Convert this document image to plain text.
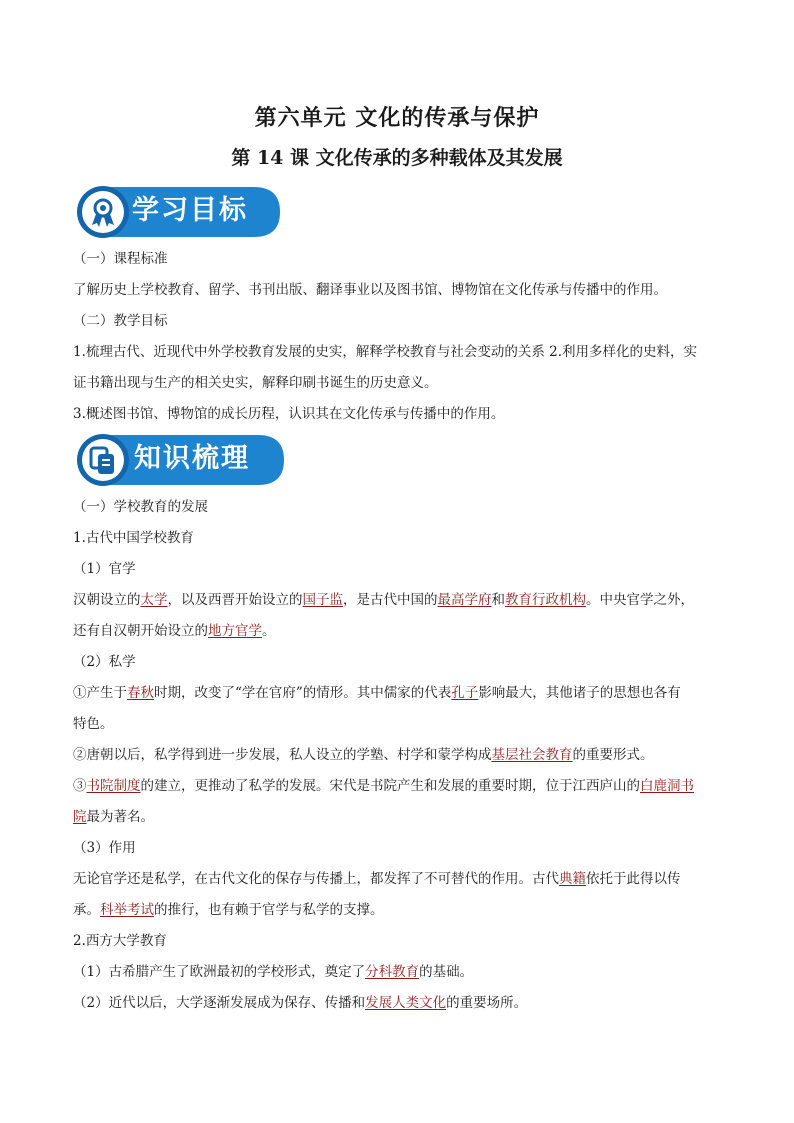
第六单元 文化的传承与保护
第 14 课 文化传承的多种载体及其发展
学习目标
（一）课程标准
了解历史上学校教育、留学、书刊出版、翻译事业以及图书馆、博物馆在文化传承与传播中的作用。
（二）教学目标
1.梳理古代、近现代中外学校教育发展的史实，解释学校教育与社会变动的关系 2.利用多样化的史料，实
证书籍出现与生产的相关史实，解释印刷书诞生的历史意义。
3.概述图书馆、博物馆的成长历程，认识其在文化传承与传播中的作用。
知识梳理
（一）学校教育的发展
1.古代中国学校教育
（1）官学
汉朝设立的太学，以及西晋开始设立的国子监，是古代中国的最高学府和教育行政机构。中央官学之外，
还有自汉朝开始设立的地方官学。
（2）私学
①产生于春秋时期，改变了“学在官府”的情形。其中儒家的代表孔子影响最大，其他诸子的思想也各有
特色。
②唐朝以后，私学得到进一步发展，私人设立的学塾、村学和蒙学构成基层社会教育的重要形式。
③书院制度的建立，更推动了私学的发展。宋代是书院产生和发展的重要时期，位于江西庐山的白鹿洞书
院最为著名。
（3）作用
无论官学还是私学，在古代文化的保存与传播上，都发挥了不可替代的作用。古代典籍依托于此得以传
承。科举考试的推行，也有赖于官学与私学的支撑。
2.西方大学教育
（1）古希腊产生了欧洲最初的学校形式，奠定了分科教育的基础。
（2）近代以后，大学逐渐发展成为保存、传播和发展人类文化的重要场所。
